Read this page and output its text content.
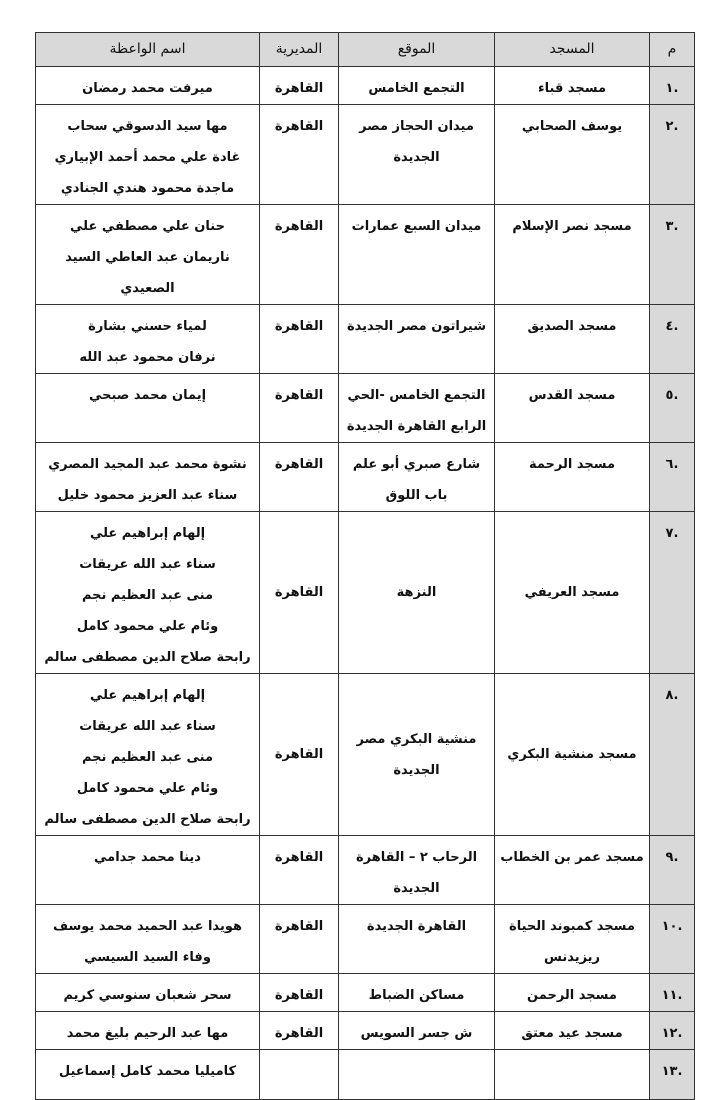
م	المسجد	الموقع	المديرية	اسم الواعظة
.١	مسجد قباء	التجمع الخامس	القاهرة	ميرفت محمد رمضان

.٢	يوسف الصحابي	ميدان الحجاز مصر
الجديدة	القاهرة	مها سيد الدسوقي سحاب
غادة علي محمد أحمد الإبياري
ماجدة محمود هندي الجنادي

.٣	مسجد نصر الإسلام	ميدان السبع عمارات	القاهرة	حنان علي مصطفي علي
ناريمان عبد العاطي السيد الصعيدي

.٤	مسجد الصديق	شيراتون مصر الجديدة	القاهرة	لمياء حسني بشارة
نرفان محمود عبد الله

.٥	مسجد القدس	التجمع الخامس -الحي
الرابع القاهرة الجديدة	القاهرة	إيمان محمد صبحي

.٦	مسجد الرحمة	شارع صبري أبو علم
باب اللوق	القاهرة	نشوة محمد عبد المجيد المصري
سناء عبد العزيز محمود خليل

.٧	مسجد العريفي	النزهة	القاهرة	إلهام إبراهيم علي
سناء عبد الله عريقات
منى عبد العظيم نجم
وئام علي محمود كامل
رابحة صلاح الدين مصطفى سالم

.٨	مسجد منشية البكري	منشية البكري مصر
الجديدة	القاهرة	إلهام إبراهيم علي
سناء عبد الله عريقات
منى عبد العظيم نجم
وئام علي محمود كامل
رابحة صلاح الدين مصطفى سالم

.٩	مسجد عمر بن الخطاب	الرحاب ٢ – القاهرة
الجديدة	القاهرة	دينا محمد جدامي

.١٠	مسجد كمبوند الحياة
ريزيدنس	القاهرة الجديدة	القاهرة	هويدا عبد الحميد محمد يوسف
وفاء السيد السيسي

.١١	مسجد الرحمن	مساكن الضباط	القاهرة	سحر شعبان سنوسي كريم

.١٢	مسجد عيد معتق	ش جسر السويس	القاهرة	مها عبد الرحيم بليغ محمد

.١٣				كاميليا محمد كامل إسماعيل
